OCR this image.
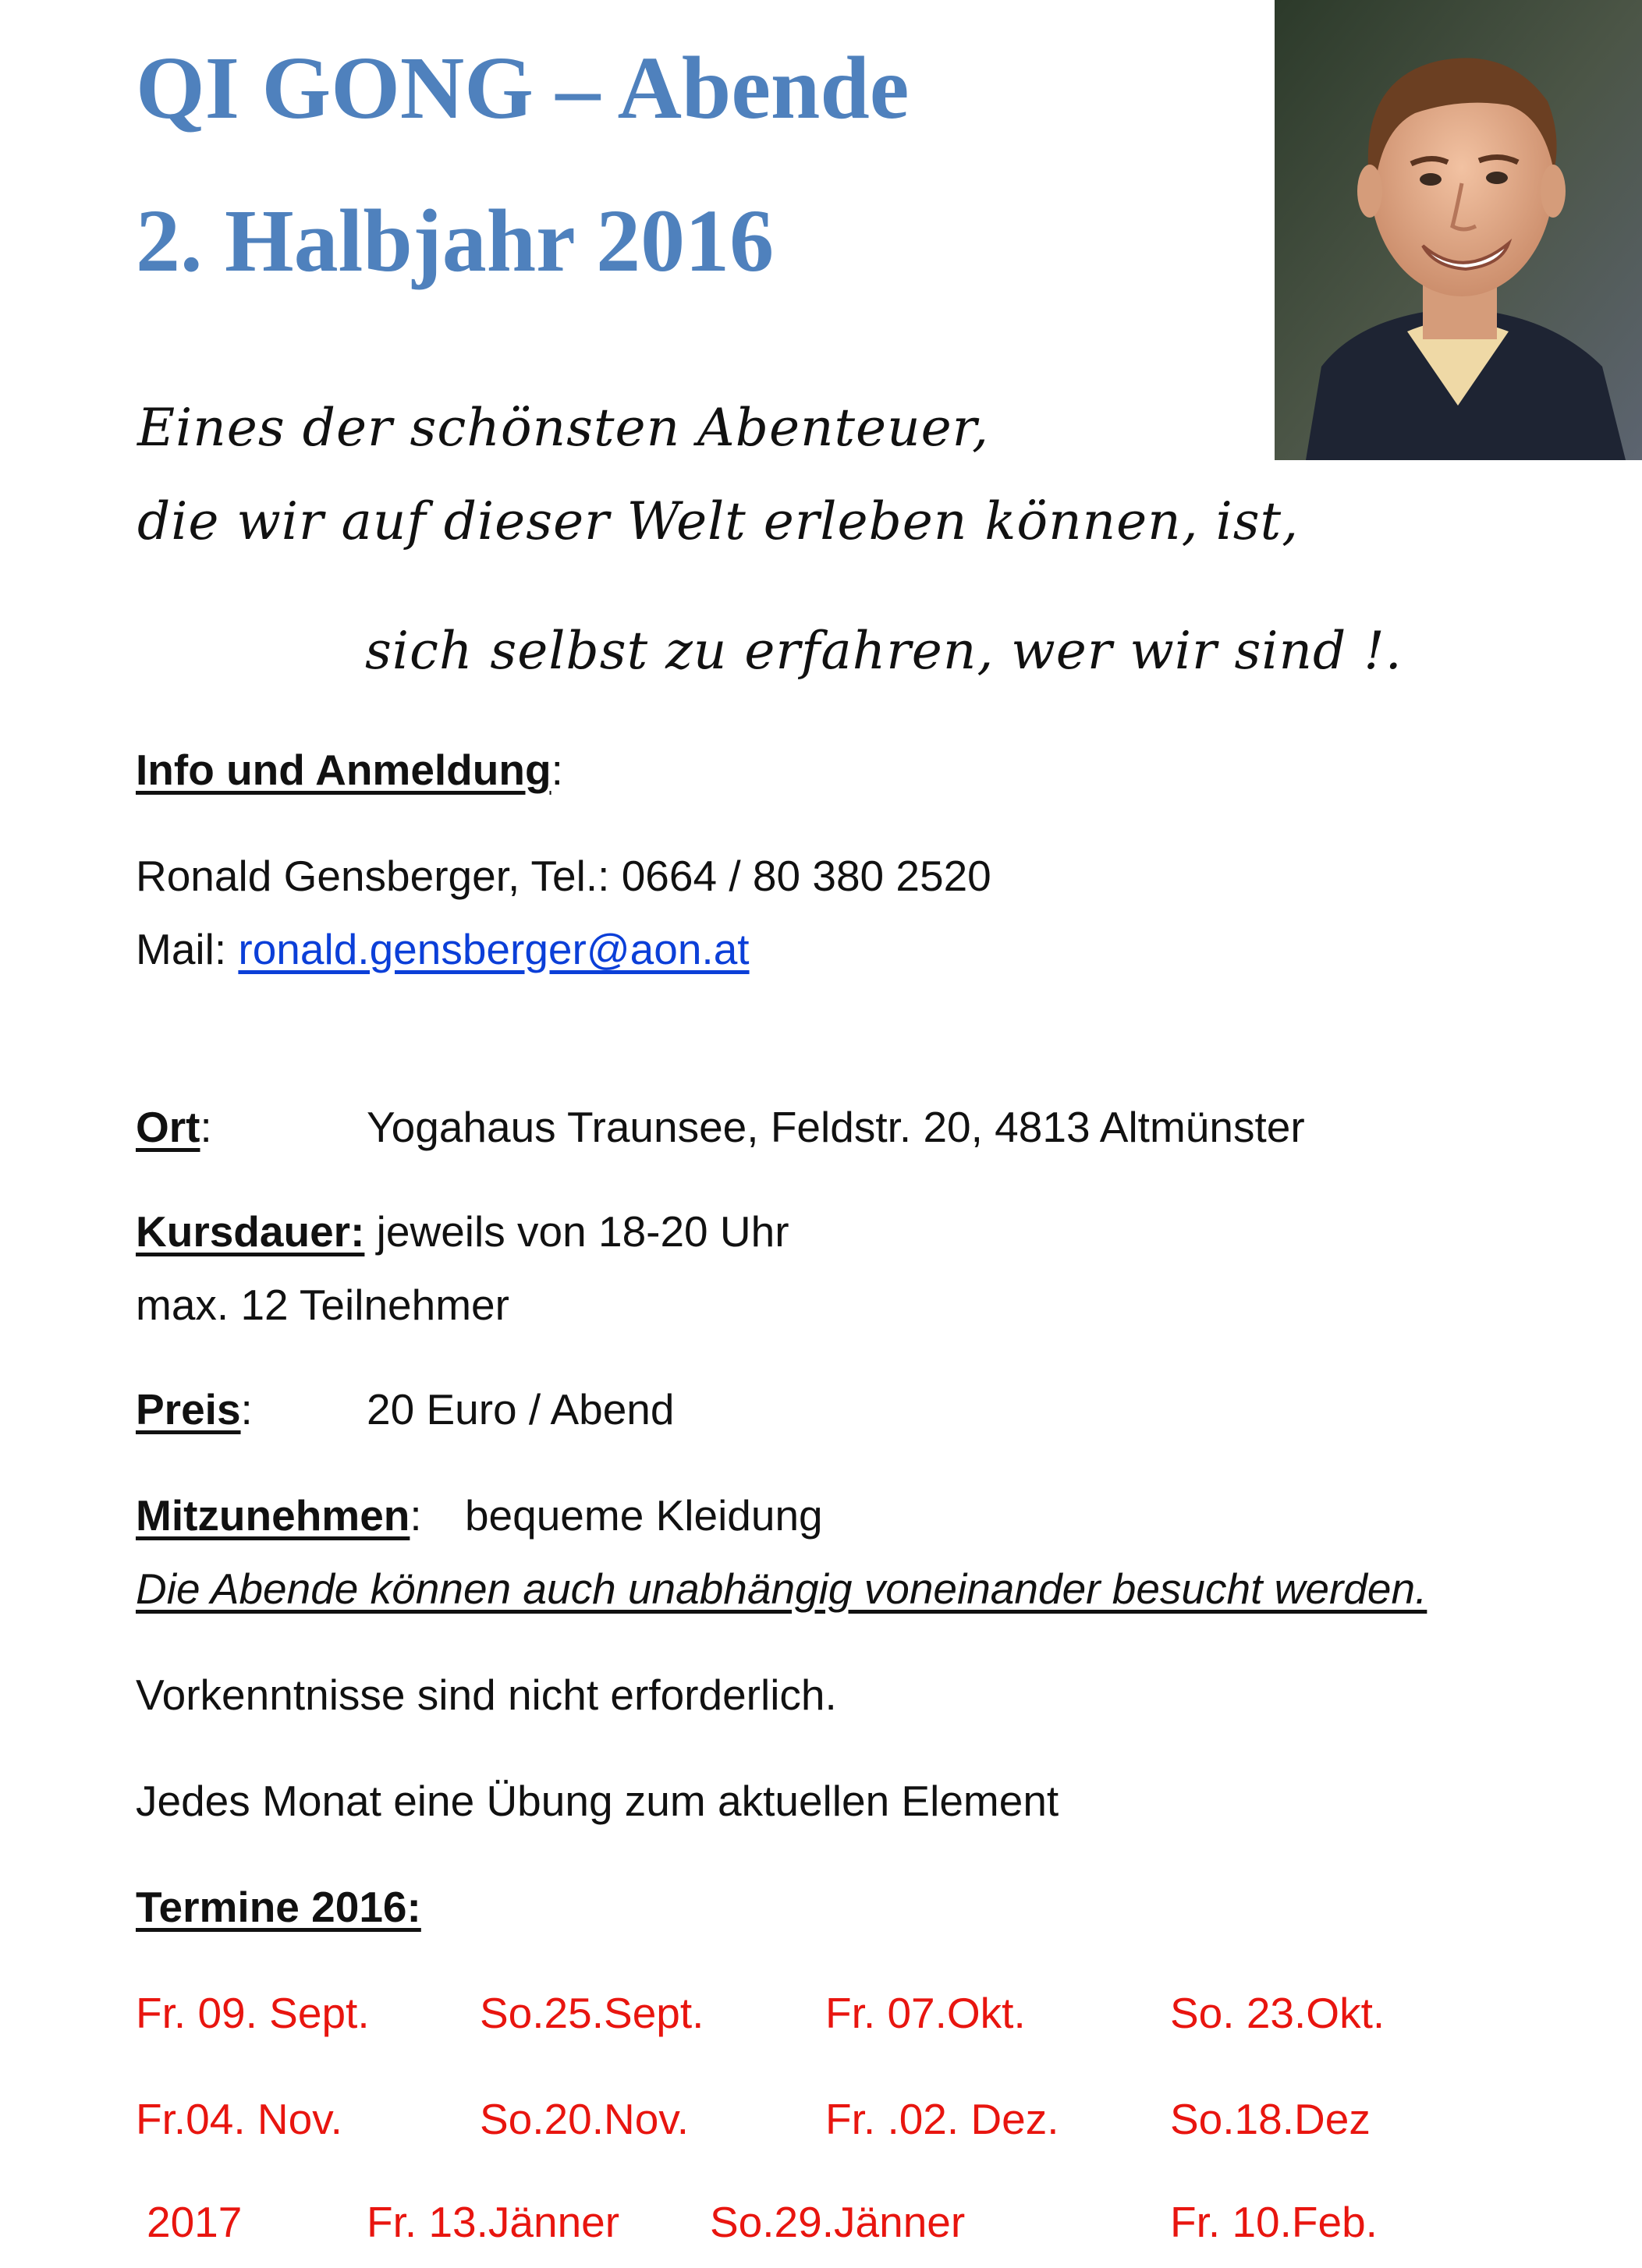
QI GONG – Abende
2. Halbjahr 2016
Eines der schönsten Abenteuer,
die wir auf dieser Welt erleben können, ist,
sich selbst zu erfahren, wer wir sind !.
Info und Anmeldung:
Ronald Gensberger, Tel.: 0664 / 80 380 2520
Mail: ronald.gensberger@aon.at
Ort:	Yogahaus Traunsee, Feldstr. 20, 4813 Altmünster
Kursdauer: jeweils von 18-20 Uhr
max. 12 Teilnehmer
Preis:	20 Euro / Abend
Mitzunehmen: bequeme Kleidung
Die Abende können auch unabhängig voneinander besucht werden.
Vorkenntnisse sind nicht erforderlich.
Jedes Monat eine Übung zum aktuellen Element
Termine 2016:
Fr. 09. Sept.	So.25.Sept.	Fr. 07.Okt.	So. 23.Okt.
Fr.04. Nov.	So.20.Nov.	Fr. .02. Dez.	So.18.Dez
2017	Fr. 13.Jänner So.29.Jänner	Fr. 10.Feb.
